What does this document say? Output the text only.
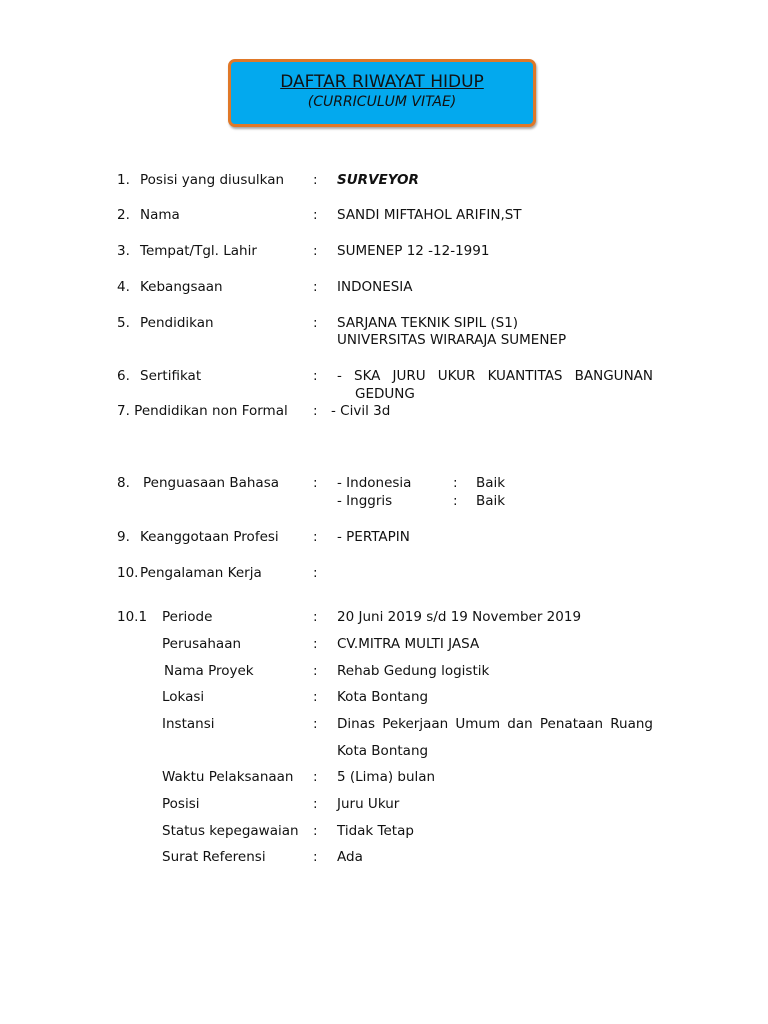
DAFTAR RIWAYAT HIDUP
(CURRICULUM VITAE)
1. Posisi yang diusulkan : SURVEYOR
2. Nama	: SANDI MIFTAHOL ARIFIN,ST
3. Tempat/Tgl. Lahir	: SUMENEP 12 -12-1991
4. Kebangsaan	: INDONESIA
5. Pendidikan	: SARJANA TEKNIK SIPIL (S1)
UNIVERSITAS WIRARAJA SUMENEP
6. Sertifikat	: - SKA JURU UKUR KUANTITAS BANGUNAN
GEDUNG
7. Pendidikan non Formal : - Civil 3d
8. Penguasaan Bahasa	: - Indonesia	: Baik
- Inggris	: Baik
9. Keanggotaan Profesi	: - PERTAPIN
10. Pengalaman Kerja	:
10.1 Periode	: 20 Juni 2019 s/d 19 November 2019
Perusahaan	: CV.MITRA MULTI JASA
Nama Proyek	: Rehab Gedung logistik
Lokasi	: Kota Bontang
Instansi	: Dinas Pekerjaan Umum dan Penataan Ruang
Kota Bontang
Waktu Pelaksanaan : 5 (Lima) bulan
Posisi	: Juru Ukur
Status kepegawaian : Tidak Tetap
Surat Referensi	: Ada
